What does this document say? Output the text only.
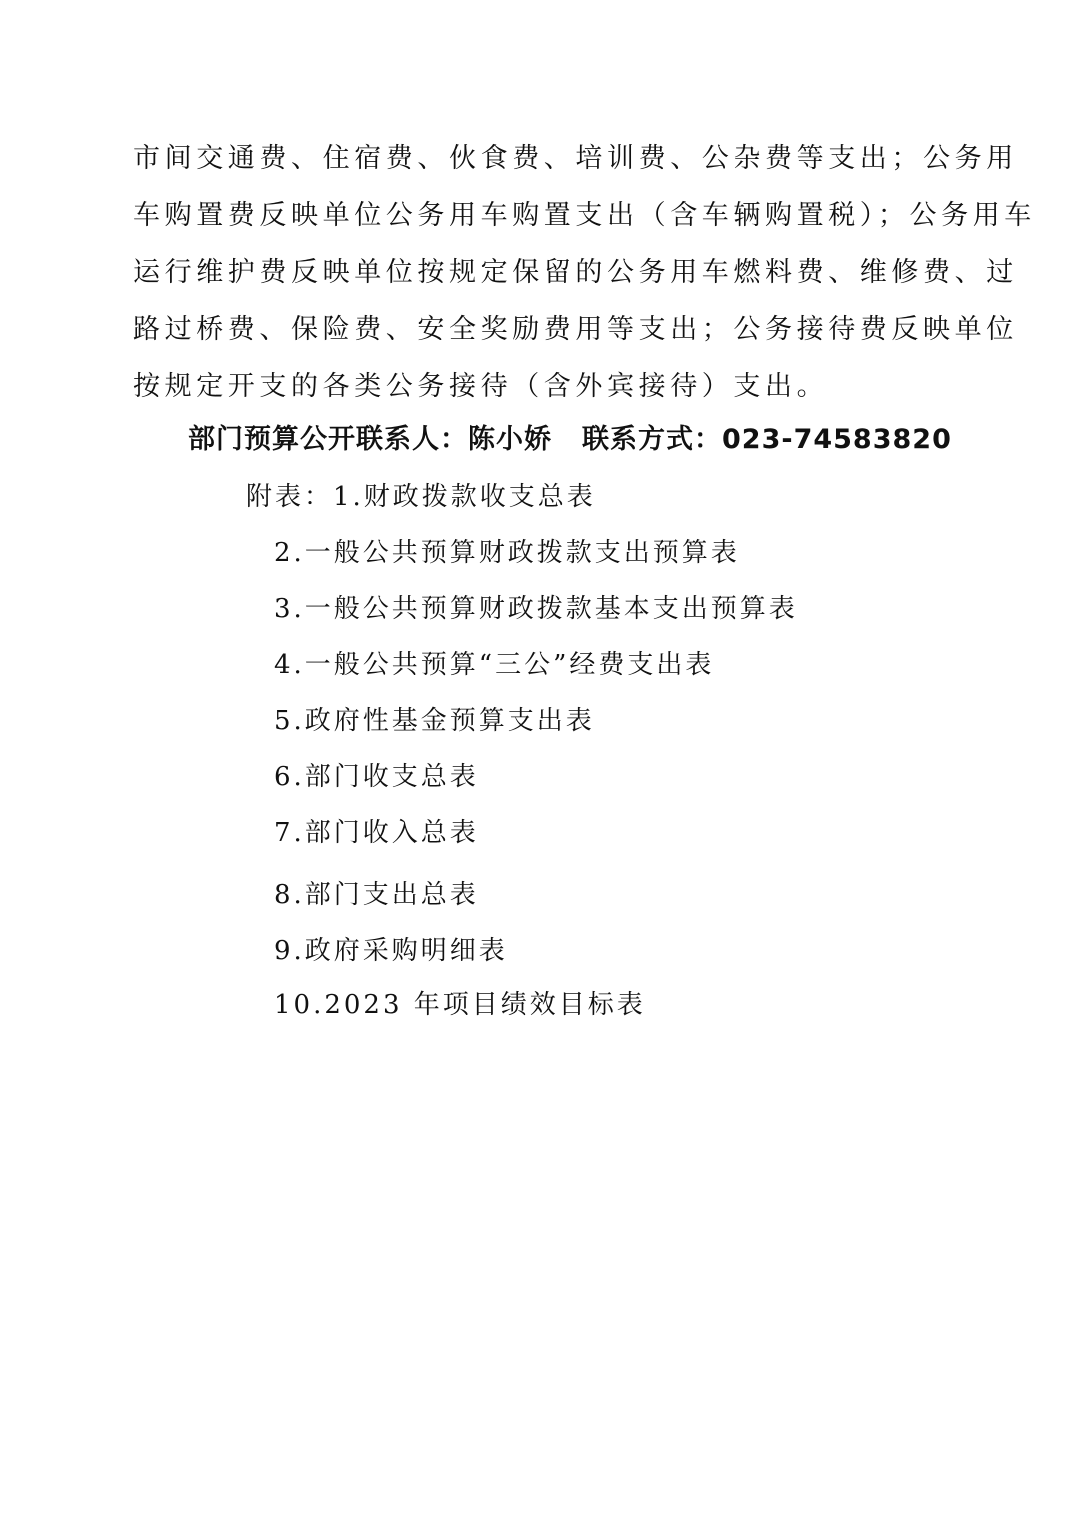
市间交通费、住宿费、伙食费、培训费、公杂费等支出；公务用
车购置费反映单位公务用车购置支出（含车辆购置税）；公务用车
运行维护费反映单位按规定保留的公务用车燃料费、维修费、过
路过桥费、保险费、安全奖励费用等支出；公务接待费反映单位
按规定开支的各类公务接待（含外宾接待）支出。
部门预算公开联系人：陈小娇 联系方式：023-74583820
附表：1.财政拨款收支总表
2.一般公共预算财政拨款支出预算表
3.一般公共预算财政拨款基本支出预算表
4.一般公共预算“三公”经费支出表
5.政府性基金预算支出表
6.部门收支总表
7.部门收入总表
8.部门支出总表
9.政府采购明细表
10.2023 年项目绩效目标表
